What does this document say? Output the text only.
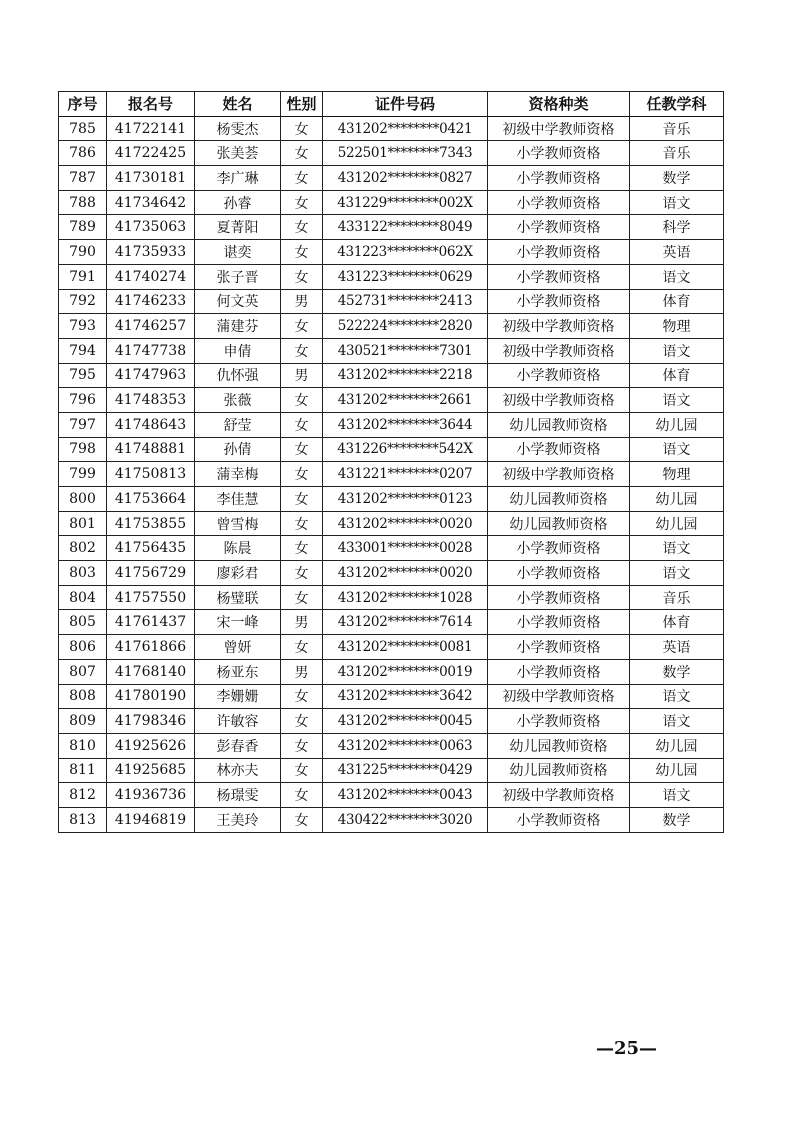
序号	报名号	姓名	性别	证件号码	资格种类	任教学科
785	41722141	杨雯杰	女	431202********0421	初级中学教师资格	音乐
786	41722425	张美荟	女	522501********7343	小学教师资格	音乐
787	41730181	李广琳	女	431202********0827	小学教师资格	数学
788	41734642	孙睿	女	431229********002X	小学教师资格	语文
789	41735063	夏菁阳	女	433122********8049	小学教师资格	科学
790	41735933	谌奕	女	431223********062X	小学教师资格	英语
791	41740274	张子晋	女	431223********0629	小学教师资格	语文
792	41746233	何文英	男	452731********2413	小学教师资格	体育
793	41746257	蒲建芬	女	522224********2820	初级中学教师资格	物理
794	41747738	申倩	女	430521********7301	初级中学教师资格	语文
795	41747963	仇怀强	男	431202********2218	小学教师资格	体育
796	41748353	张薇	女	431202********2661	初级中学教师资格	语文
797	41748643	舒莹	女	431202********3644	幼儿园教师资格	幼儿园
798	41748881	孙倩	女	431226********542X	小学教师资格	语文
799	41750813	蒲幸梅	女	431221********0207	初级中学教师资格	物理
800	41753664	李佳慧	女	431202********0123	幼儿园教师资格	幼儿园
801	41753855	曾雪梅	女	431202********0020	幼儿园教师资格	幼儿园
802	41756435	陈晨	女	433001********0028	小学教师资格	语文
803	41756729	廖彩君	女	431202********0020	小学教师资格	语文
804	41757550	杨璧联	女	431202********1028	小学教师资格	音乐
805	41761437	宋一峰	男	431202********7614	小学教师资格	体育
806	41761866	曾妍	女	431202********0081	小学教师资格	英语
807	41768140	杨亚东	男	431202********0019	小学教师资格	数学
808	41780190	李姗姗	女	431202********3642	初级中学教师资格	语文
809	41798346	许敏容	女	431202********0045	小学教师资格	语文
810	41925626	彭春香	女	431202********0063	幼儿园教师资格	幼儿园
811	41925685	林亦夫	女	431225********0429	幼儿园教师资格	幼儿园
812	41936736	杨璟雯	女	431202********0043	初级中学教师资格	语文
813	41946819	王美玲	女	430422********3020	小学教师资格	数学
—25—
